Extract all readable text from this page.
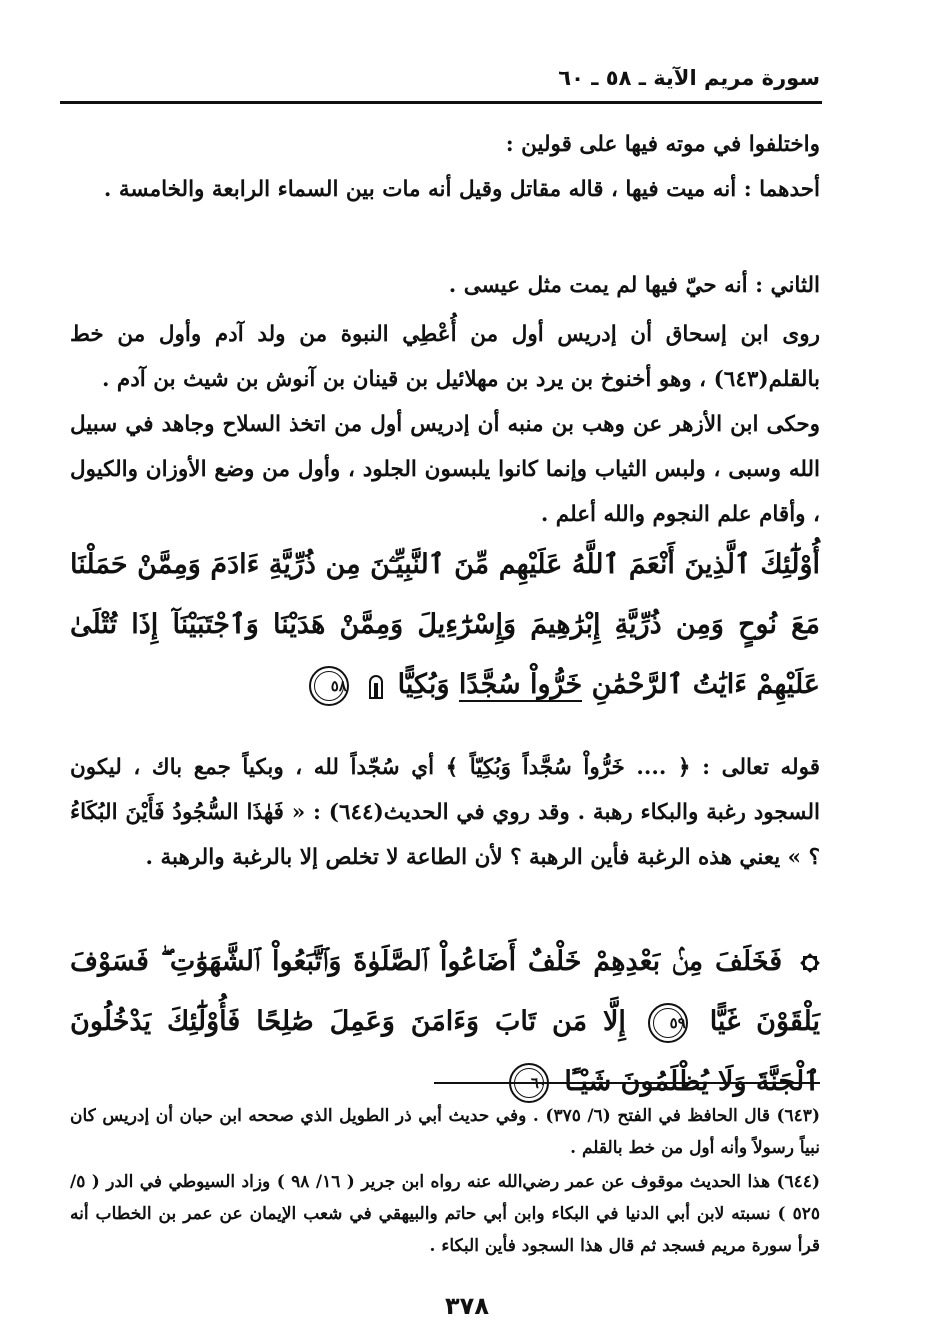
سورة مريم الآية ـ ٥٨ ـ ٦٠
واختلفوا في موته فيها على قولين :
أحدهما : أنه ميت فيها ، قاله مقاتل وقيل أنه مات بين السماء الرابعة والخامسة .
الثاني : أنه حيّ فيها لم يمت مثل عيسى .
روى ابن إسحاق أن إدريس أول من أُعْطِي النبوة من ولد آدم وأول من خط بالقلم(٦٤٣) ، وهو أخنوخ بن يرد بن مهلائيل بن قينان بن آنوش بن شيث بن آدم .
وحكى ابن الأزهر عن وهب بن منبه أن إدريس أول من اتخذ السلاح وجاهد في سبيل الله وسبى ، ولبس الثياب وإنما كانوا يلبسون الجلود ، وأول من وضع الأوزان والكيول ، وأقام علم النجوم والله أعلم .
أُوْلَٰٓئِكَ ٱلَّذِينَ أَنْعَمَ ٱللَّهُ عَلَيْهِم مِّنَ ٱلنَّبِيِّـۧنَ مِن ذُرِّيَّةِ ءَادَمَ وَمِمَّنْ حَمَلْنَا مَعَ نُوحٍ وَمِن ذُرِّيَّةِ إِبْرَٰهِيمَ وَإِسْرَٰٓءِيلَ وَمِمَّنْ هَدَيْنَا وَٱجْتَبَيْنَآ إِذَا تُتْلَىٰ عَلَيْهِمْ ءَايَٰتُ ٱلرَّحْمَٰنِ خَرُّواْ سُجَّدًا وَبُكِيًّا  ٥٨
قوله تعالى : ﴿ .... خَرُّواْ سُجَّداً وَبُكِيّاً ﴾ أي سُجّداً لله ، وبكياً جمع باك ، ليكون السجود رغبة والبكاء رهبة . وقد روي في الحديث(٦٤٤) : « فَهٰذَا السُّجُودُ فَأَيْنَ البُكَاءُ ؟ » يعني هذه الرغبة فأين الرهبة ؟ لأن الطاعة لا تخلص إلا بالرغبة والرهبة .
فَخَلَفَ مِنۢ بَعْدِهِمْ خَلْفٌ أَضَاعُواْ ٱلصَّلَوٰةَ وَٱتَّبَعُواْ ٱلشَّهَوَٰتِ ۖ فَسَوْفَ يَلْقَوْنَ غَيًّا ٥٩ إِلَّا مَن تَابَ وَءَامَنَ وَعَمِلَ صَٰلِحًا فَأُوْلَٰٓئِكَ يَدْخُلُونَ ٱلْجَنَّةَ وَلَا يُظْلَمُونَ شَيْـًٔا ٦٠
(٦٤٣) قال الحافظ في الفتح (٦/ ٣٧٥) . وفي حديث أبي ذر الطويل الذي صححه ابن حبان أن إدريس كان نبياً رسولاً وأنه أول من خط بالقلم .
(٦٤٤) هذا الحديث موقوف عن عمر رضي‌الله عنه رواه ابن جرير ( ١٦/ ٩٨ ) وزاد السيوطي في الدر ( ٥/ ٥٢٥ ) نسبته لابن أبي الدنيا في البكاء وابن أبي حاتم والبيهقي في شعب الإيمان عن عمر بن الخطاب أنه قرأ سورة مريم فسجد ثم قال هذا السجود فأين البكاء .
٣٧٨
